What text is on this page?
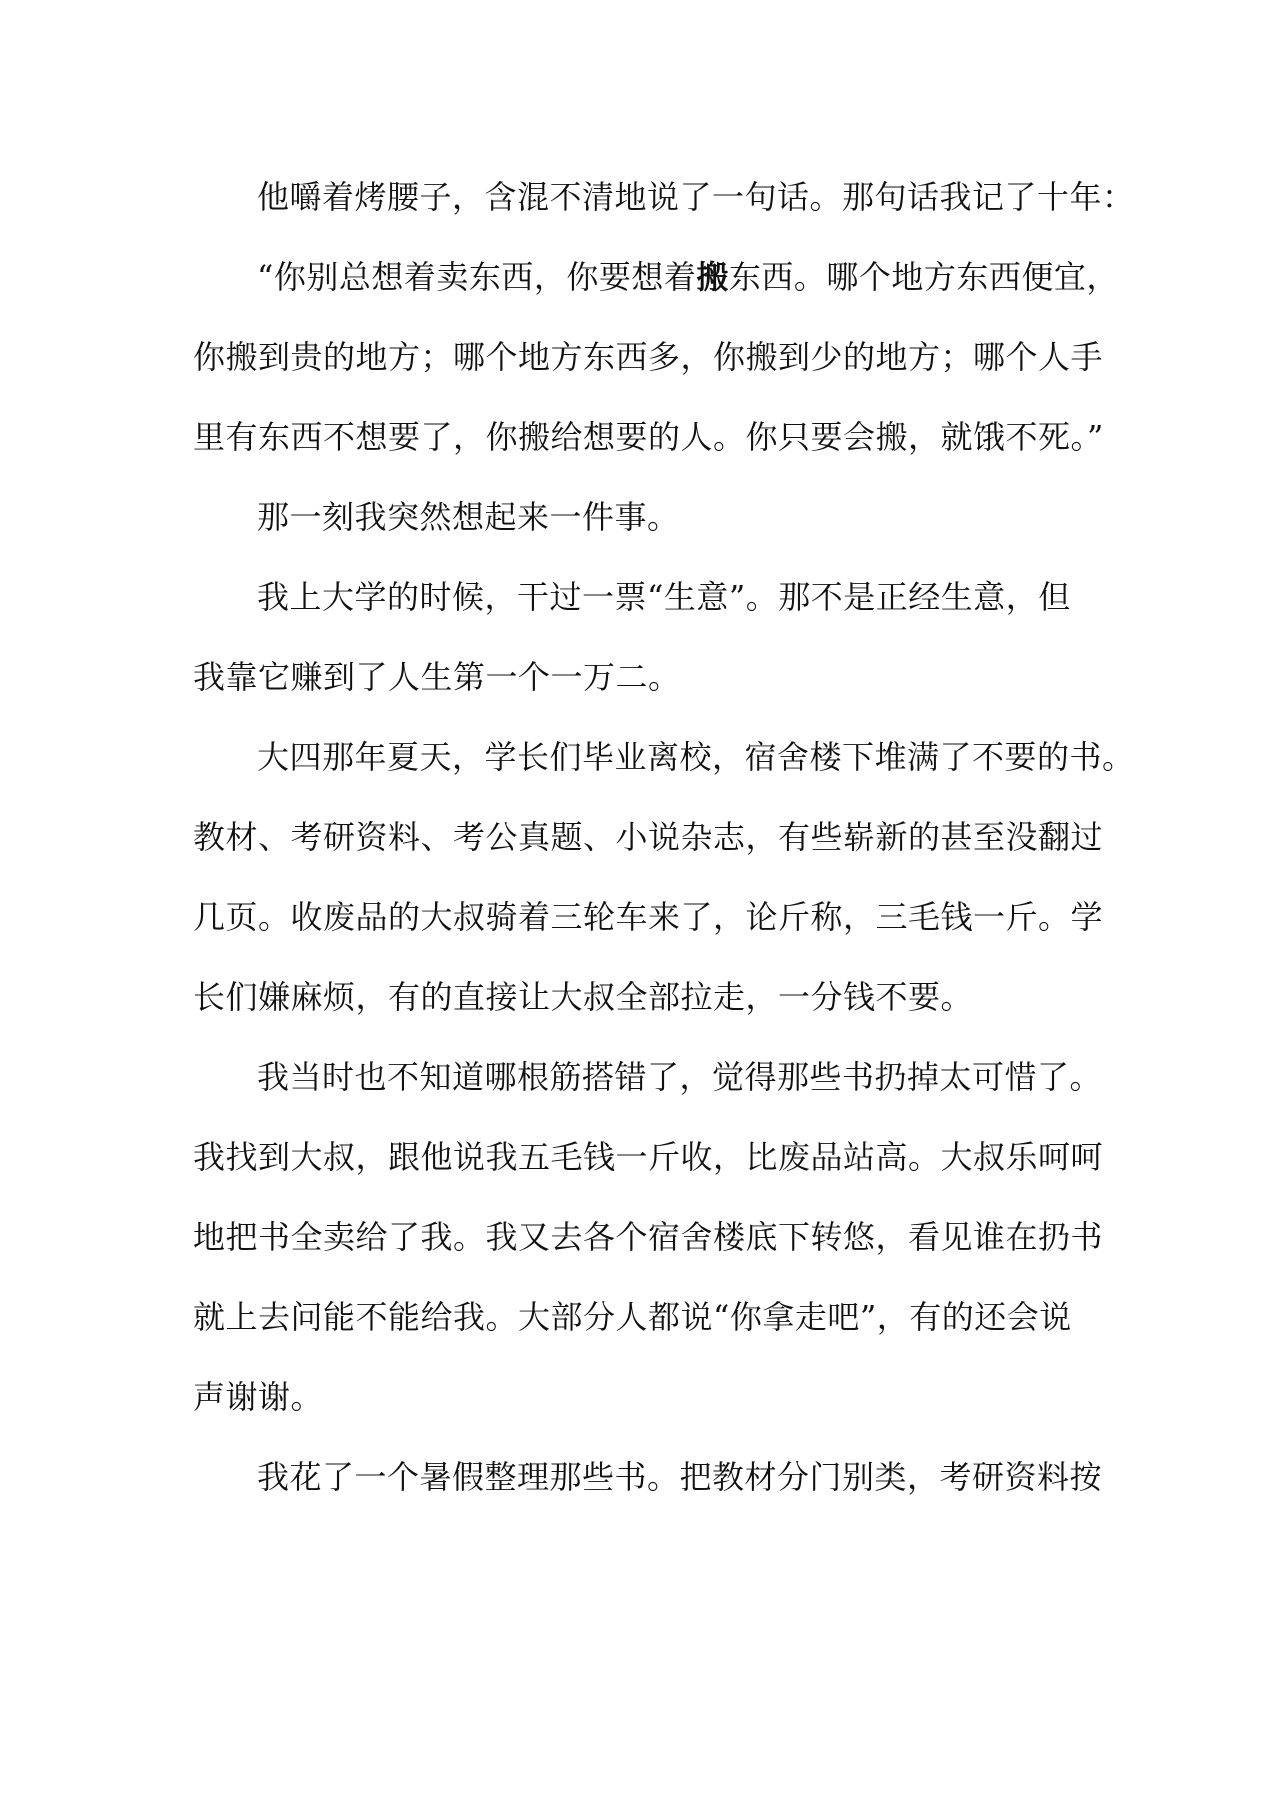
他嚼着烤腰子，含混不清地说了一句话。那句话我记了十年：
“你别总想着卖东西，你要想着搬东西。哪个地方东西便宜，
你搬到贵的地方；哪个地方东西多，你搬到少的地方；哪个人手
里有东西不想要了，你搬给想要的人。你只要会搬，就饿不死。”
那一刻我突然想起来一件事。
我上大学的时候，干过一票“生意”。那不是正经生意，但
我靠它赚到了人生第一个一万二。
大四那年夏天，学长们毕业离校，宿舍楼下堆满了不要的书。
教材、考研资料、考公真题、小说杂志，有些崭新的甚至没翻过
几页。收废品的大叔骑着三轮车来了，论斤称，三毛钱一斤。学
长们嫌麻烦，有的直接让大叔全部拉走，一分钱不要。
我当时也不知道哪根筋搭错了，觉得那些书扔掉太可惜了。
我找到大叔，跟他说我五毛钱一斤收，比废品站高。大叔乐呵呵
地把书全卖给了我。我又去各个宿舍楼底下转悠，看见谁在扔书
就上去问能不能给我。大部分人都说“你拿走吧”，有的还会说
声谢谢。
我花了一个暑假整理那些书。把教材分门别类，考研资料按
